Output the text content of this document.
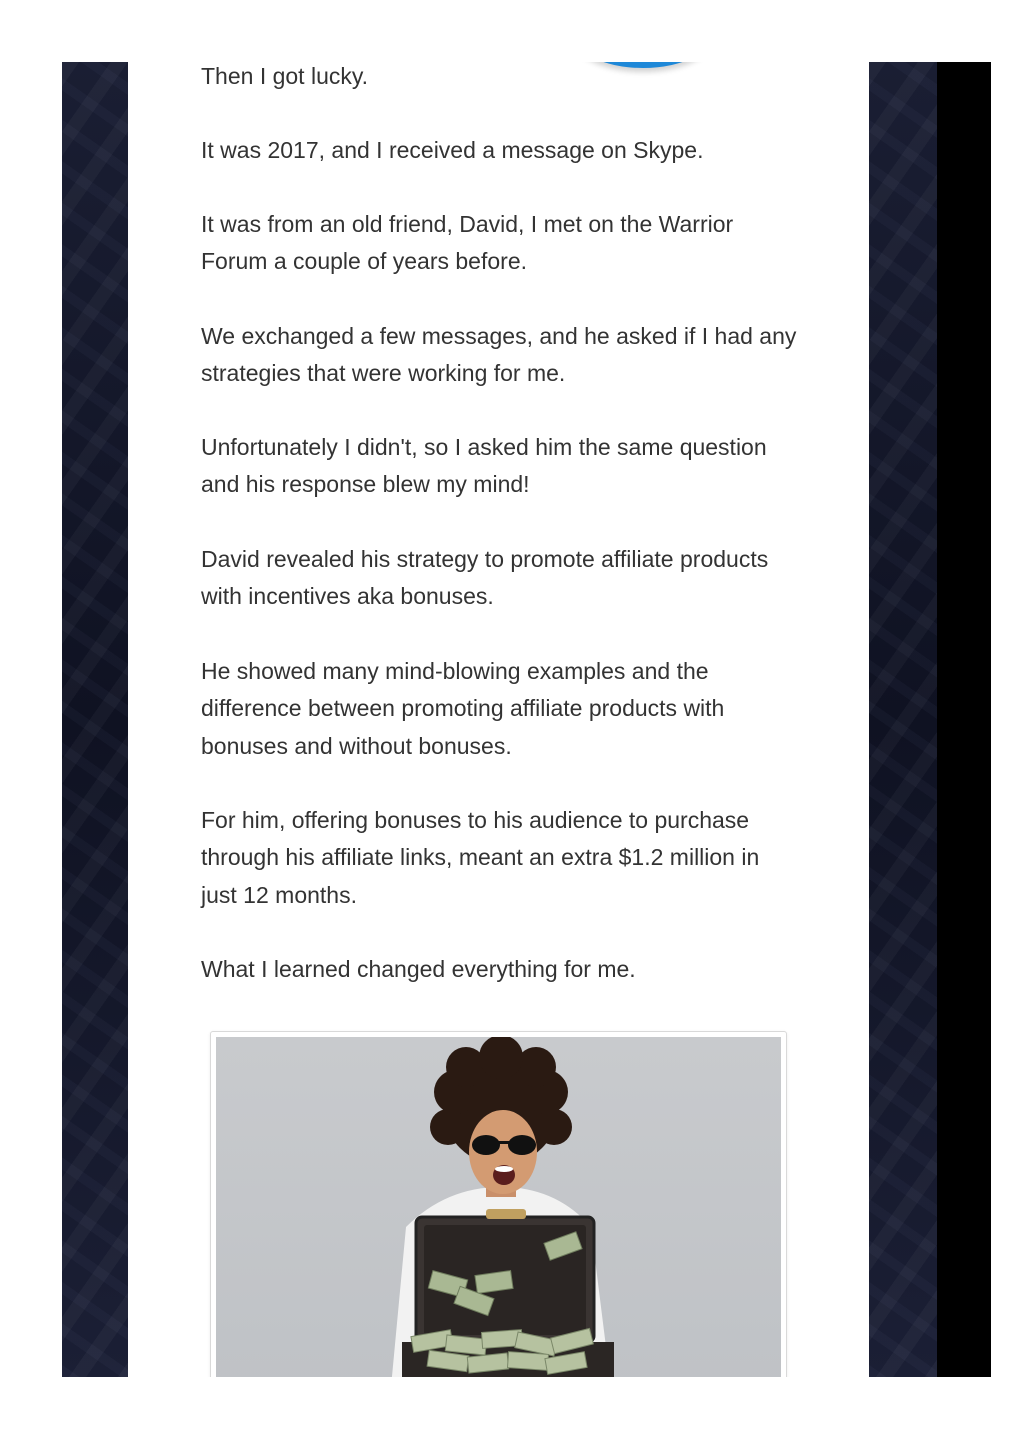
Then I got lucky.

It was 2017, and I received a message on Skype.

It was from an old friend, David, I met on the Warrior Forum a couple of years before.

We exchanged a few messages, and he asked if I had any strategies that were working for me.

Unfortunately I didn't, so I asked him the same question and his response blew my mind!

David revealed his strategy to promote affiliate products with incentives aka bonuses.

He showed many mind-blowing examples and the difference between promoting affiliate products with bonuses and without bonuses.

For him, offering bonuses to his audience to purchase through his affiliate links, meant an extra $1.2 million in just 12 months.

What I learned changed everything for me.
